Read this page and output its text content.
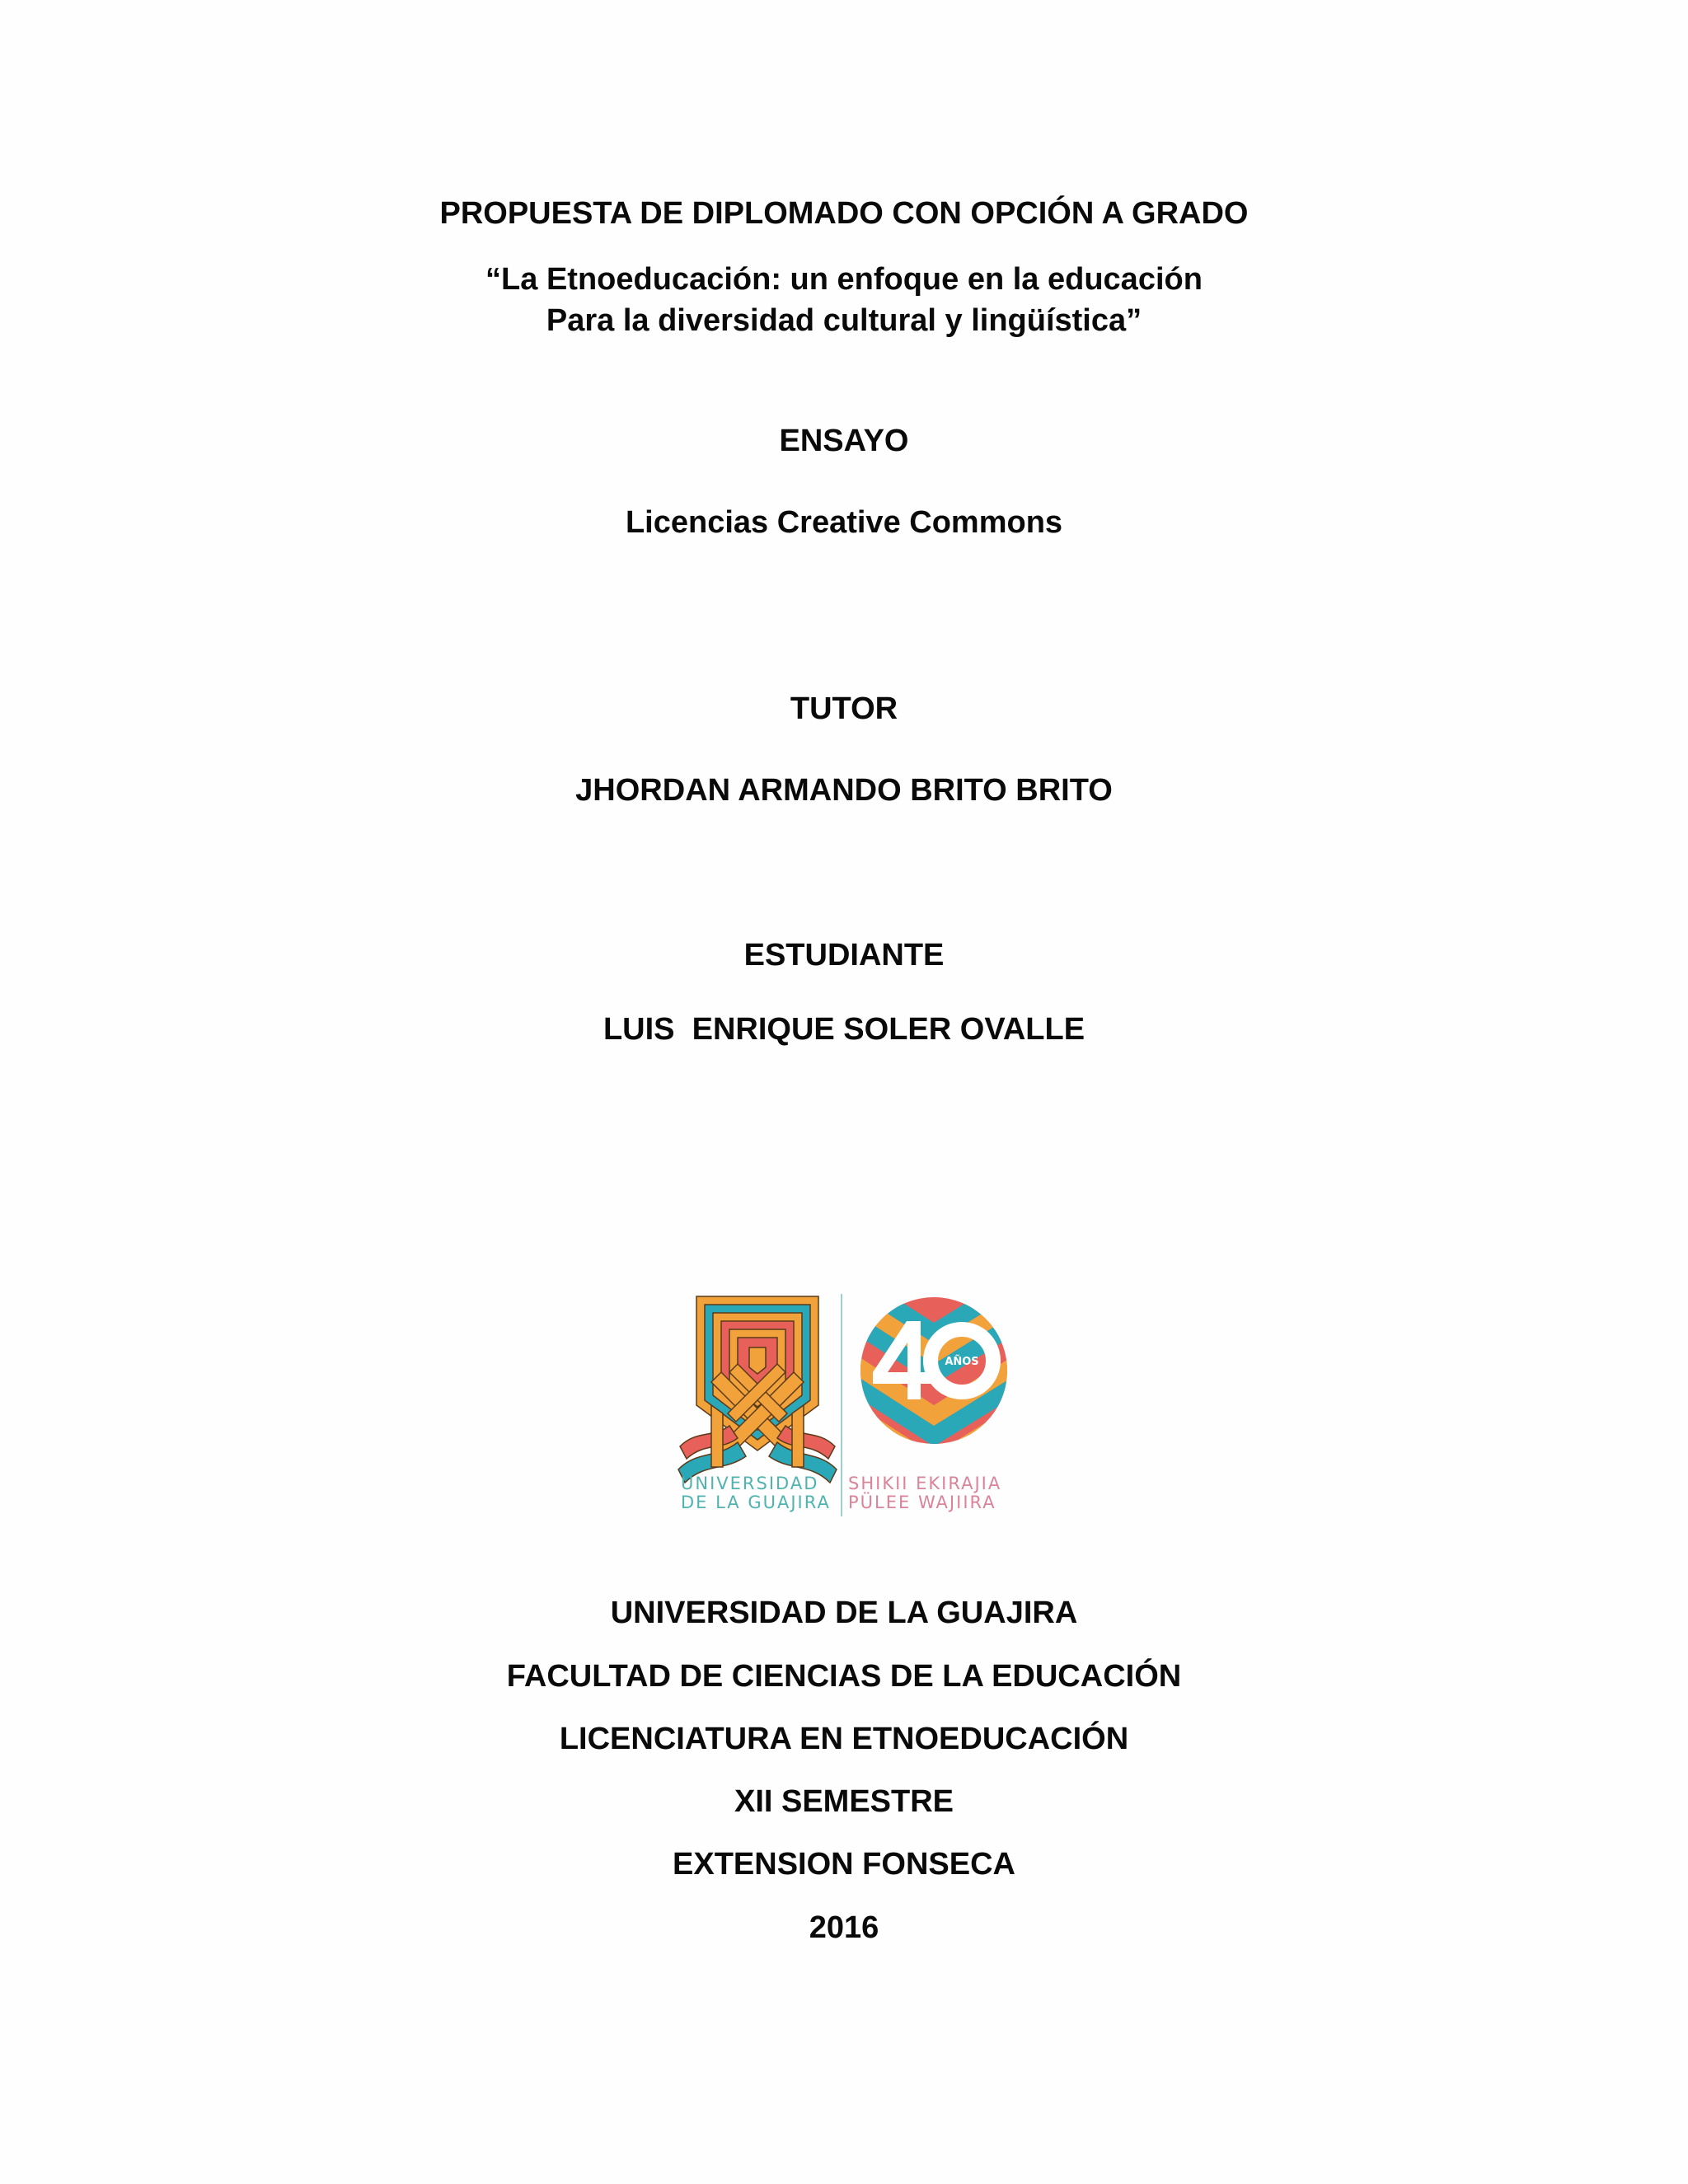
PROPUESTA DE DIPLOMADO CON OPCIÓN A GRADO
“La Etnoeducación: un enfoque en la educación
Para la diversidad cultural y lingüística”
ENSAYO
Licencias Creative Commons
TUTOR
JHORDAN ARMANDO BRITO BRITO
ESTUDIANTE
LUIS  ENRIQUE SOLER OVALLE
AÑOS
UNIVERSIDAD
DE LA GUAJIRA
SHIKII EKIRAJIA
PÜLEE WAJIIRA
UNIVERSIDAD DE LA GUAJIRA
FACULTAD DE CIENCIAS DE LA EDUCACIÓN
LICENCIATURA EN ETNOEDUCACIÓN
XII SEMESTRE
EXTENSION FONSECA
2016
